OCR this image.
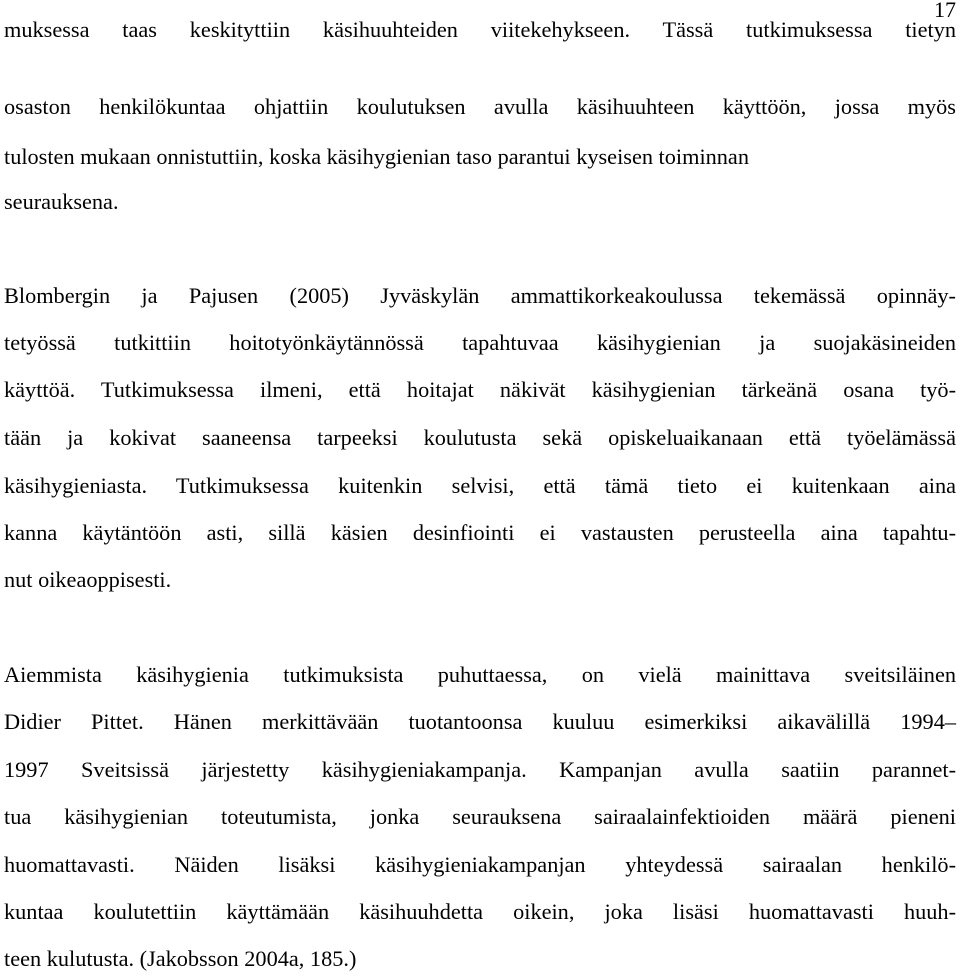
17

muksessa taas keskityttiin käsihuuhteiden viitekehykseen. Tässä tutkimuksessa tietyn

osaston henkilökuntaa ohjattiin koulutuksen avulla käsihuuhteen käyttöön, jossa myös

tulosten mukaan onnistuttiin, koska käsihygienian taso parantui kyseisen toiminnan

seurauksena.

Blombergin ja Pajusen (2005) Jyväskylän ammattikorkeakoulussa tekemässä opinnäy-

tetyössä tutkittiin hoitotyönkäytännössä tapahtuvaa käsihygienian ja suojakäsineiden

käyttöä. Tutkimuksessa ilmeni, että hoitajat näkivät käsihygienian tärkeänä osana työ-

tään ja kokivat saaneensa tarpeeksi koulutusta sekä opiskeluaikanaan että työelämässä

käsihygieniasta. Tutkimuksessa kuitenkin selvisi, että tämä tieto ei kuitenkaan aina

kanna käytäntöön asti, sillä käsien desinfiointi ei vastausten perusteella aina tapahtu-

nut oikeaoppisesti.

Aiemmista käsihygienia tutkimuksista puhuttaessa, on vielä mainittava sveitsiläinen

Didier Pittet. Hänen merkittävään tuotantoonsa kuuluu esimerkiksi aikavälillä 1994–

1997 Sveitsissä järjestetty käsihygieniakampanja. Kampanjan avulla saatiin parannet-

tua käsihygienian toteutumista, jonka seurauksena sairaalainfektioiden määrä pieneni

huomattavasti. Näiden lisäksi käsihygieniakampanjan yhteydessä sairaalan henkilö-

kuntaa koulutettiin käyttämään käsihuuhdetta oikein, joka lisäsi huomattavasti huuh-

teen kulutusta. (Jakobsson 2004a, 185.)
